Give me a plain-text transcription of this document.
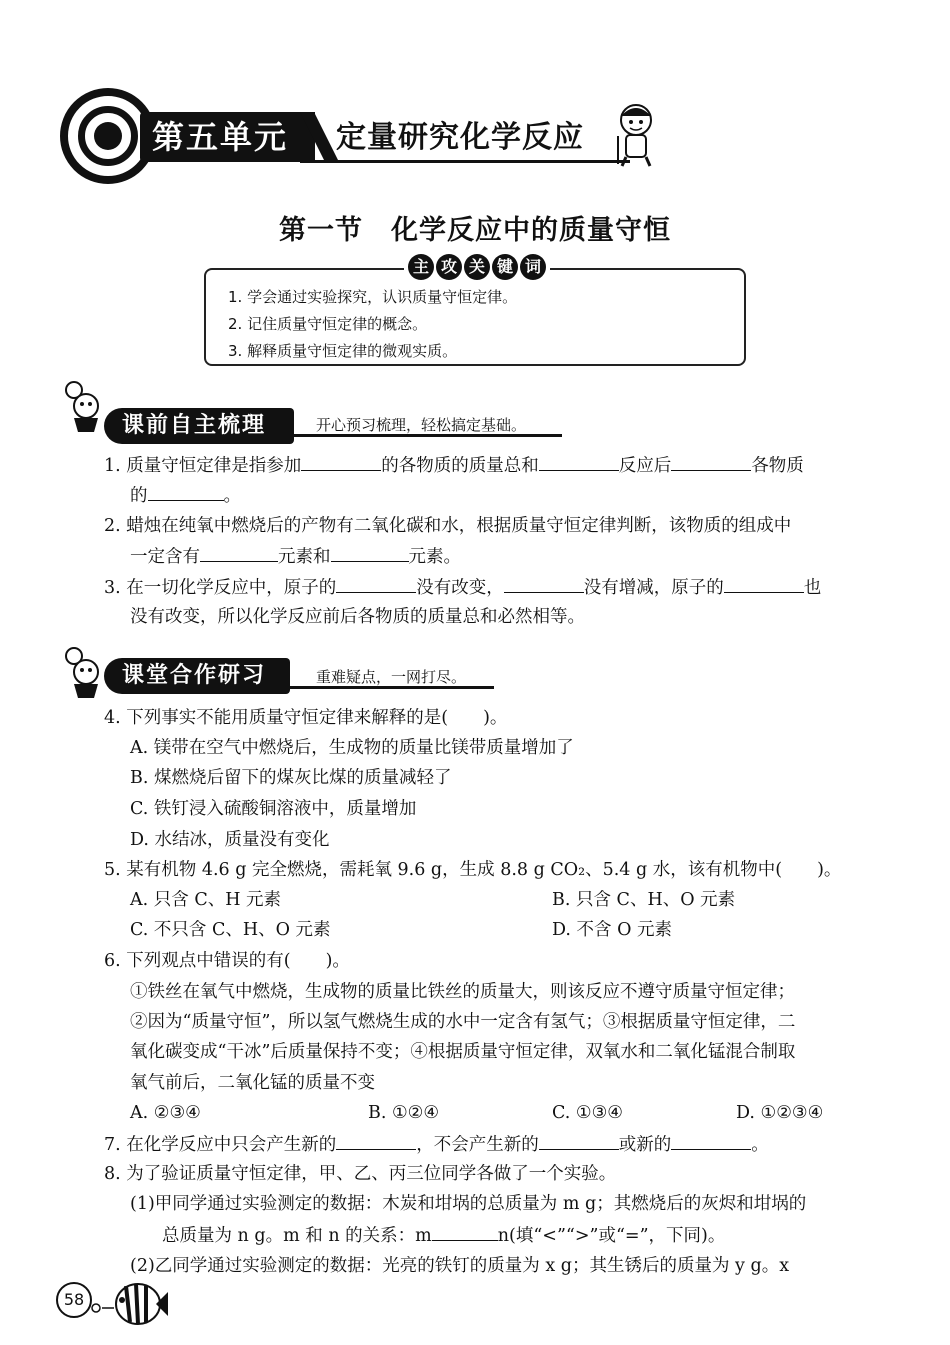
第五单元 定量研究化学反应
第一节　化学反应中的质量守恒
主 攻 关 键 词
1. 学会通过实验探究，认识质量守恒定律。
2. 记住质量守恒定律的概念。
3. 解释质量守恒定律的微观实质。
课前自主梳理	开心预习梳理，轻松搞定基础。
1. 质量守恒定律是指参加	的各物质的质量总和	反应后	各物质
的	。
2. 蜡烛在纯氧中燃烧后的产物有二氧化碳和水，根据质量守恒定律判断，该物质的组成中
一定含有	元素和	元素。
3. 在一切化学反应中，原子的	没有改变，	没有增减，原子的	也
没有改变，所以化学反应前后各物质的质量总和必然相等。
课堂合作研习	重难疑点，一网打尽。
4. 下列事实不能用质量守恒定律来解释的是(　　)。
A. 镁带在空气中燃烧后，生成物的质量比镁带质量增加了
B. 煤燃烧后留下的煤灰比煤的质量减轻了
C. 铁钉浸入硫酸铜溶液中，质量增加
D. 水结冰，质量没有变化
5. 某有机物 4.6 g 完全燃烧，需耗氧 9.6 g，生成 8.8 g CO₂、5.4 g 水，该有机物中(　　)。
A. 只含 C、H 元素	B. 只含 C、H、O 元素
C. 不只含 C、H、O 元素	D. 不含 O 元素
6. 下列观点中错误的有(　　)。
①铁丝在氧气中燃烧，生成物的质量比铁丝的质量大，则该反应不遵守质量守恒定律；
②因为“质量守恒”，所以氢气燃烧生成的水中一定含有氢气；③根据质量守恒定律，二
氧化碳变成“干冰”后质量保持不变；④根据质量守恒定律，双氧水和二氧化锰混合制取
氧气前后，二氧化锰的质量不变
A. ②③④	B. ①②④	C. ①③④	D. ①②③④
7. 在化学反应中只会产生新的	，不会产生新的	或新的	。
8. 为了验证质量守恒定律，甲、乙、丙三位同学各做了一个实验。
(1)甲同学通过实验测定的数据：木炭和坩埚的总质量为 m g；其燃烧后的灰烬和坩埚的
总质量为 n g。m 和 n 的关系：m	n(填“<”“>”或“=”，下同)。
(2)乙同学通过实验测定的数据：光亮的铁钉的质量为 x g；其生锈后的质量为 y g。x
58
